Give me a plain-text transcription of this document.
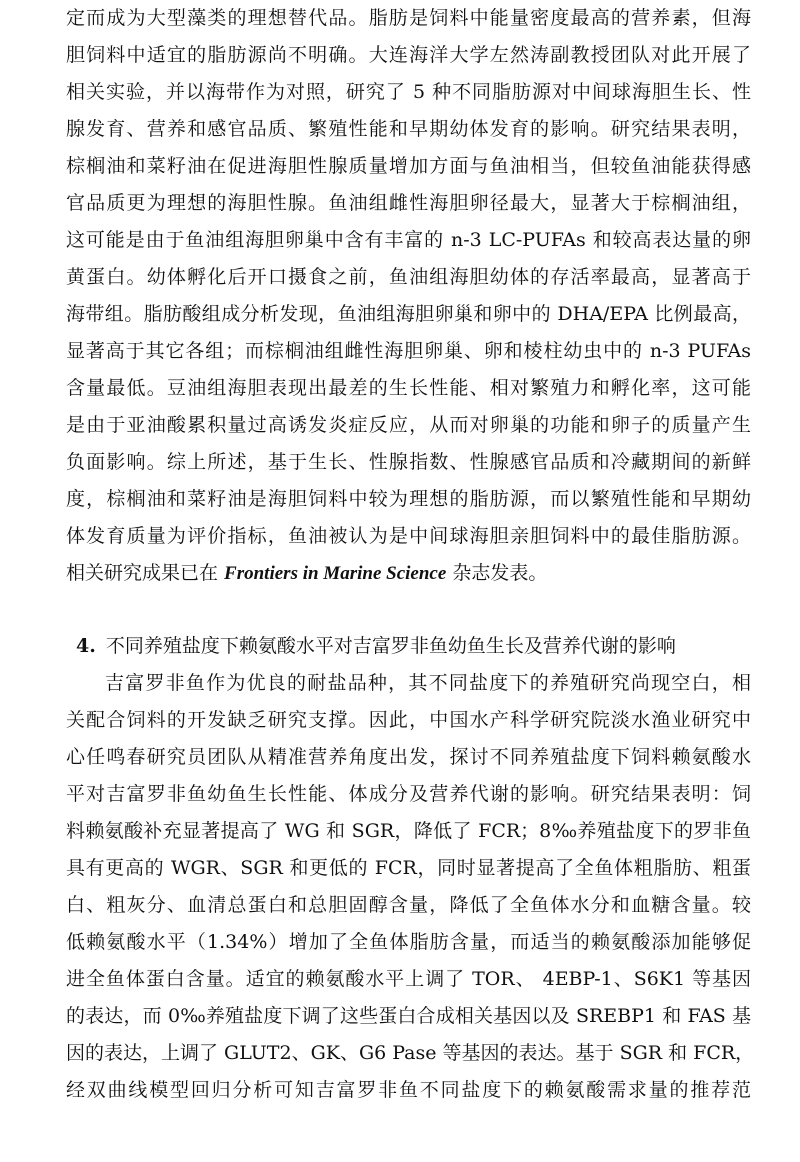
定而成为大型藻类的理想替代品。脂肪是饲料中能量密度最高的营养素，但海
胆饲料中适宜的脂肪源尚不明确。大连海洋大学左然涛副教授团队对此开展了
相关实验，并以海带作为对照，研究了 5 种不同脂肪源对中间球海胆生长、性
腺发育、营养和感官品质、繁殖性能和早期幼体发育的影响。研究结果表明，
棕榈油和菜籽油在促进海胆性腺质量增加方面与鱼油相当，但较鱼油能获得感
官品质更为理想的海胆性腺。鱼油组雌性海胆卵径最大，显著大于棕榈油组，
这可能是由于鱼油组海胆卵巢中含有丰富的 n-3 LC-PUFAs 和较高表达量的卵
黄蛋白。幼体孵化后开口摄食之前，鱼油组海胆幼体的存活率最高，显著高于
海带组。脂肪酸组成分析发现，鱼油组海胆卵巢和卵中的 DHA/EPA 比例最高，
显著高于其它各组；而棕榈油组雌性海胆卵巢、卵和棱柱幼虫中的 n-3 PUFAs
含量最低。豆油组海胆表现出最差的生长性能、相对繁殖力和孵化率，这可能
是由于亚油酸累积量过高诱发炎症反应，从而对卵巢的功能和卵子的质量产生
负面影响。综上所述，基于生长、性腺指数、性腺感官品质和冷藏期间的新鲜
度，棕榈油和菜籽油是海胆饲料中较为理想的脂肪源，而以繁殖性能和早期幼
体发育质量为评价指标，鱼油被认为是中间球海胆亲胆饲料中的最佳脂肪源。
相关研究成果已在 Frontiers in Marine Science 杂志发表。
4. 不同养殖盐度下赖氨酸水平对吉富罗非鱼幼鱼生长及营养代谢的影响
吉富罗非鱼作为优良的耐盐品种，其不同盐度下的养殖研究尚现空白，相
关配合饲料的开发缺乏研究支撑。因此，中国水产科学研究院淡水渔业研究中
心任鸣春研究员团队从精准营养角度出发，探讨不同养殖盐度下饲料赖氨酸水
平对吉富罗非鱼幼鱼生长性能、体成分及营养代谢的影响。研究结果表明：饲
料赖氨酸补充显著提高了 WG 和 SGR，降低了 FCR；8‰养殖盐度下的罗非鱼
具有更高的 WGR、SGR 和更低的 FCR，同时显著提高了全鱼体粗脂肪、粗蛋
白、粗灰分、血清总蛋白和总胆固醇含量，降低了全鱼体水分和血糖含量。较
低赖氨酸水平（1.34%）增加了全鱼体脂肪含量，而适当的赖氨酸添加能够促
进全鱼体蛋白含量。适宜的赖氨酸水平上调了 TOR、 4EBP-1、S6K1 等基因
的表达，而 0‰养殖盐度下调了这些蛋白合成相关基因以及 SREBP1 和 FAS 基
因的表达，上调了 GLUT2、GK、G6 Pase 等基因的表达。基于 SGR 和 FCR，
经双曲线模型回归分析可知吉富罗非鱼不同盐度下的赖氨酸需求量的推荐范
